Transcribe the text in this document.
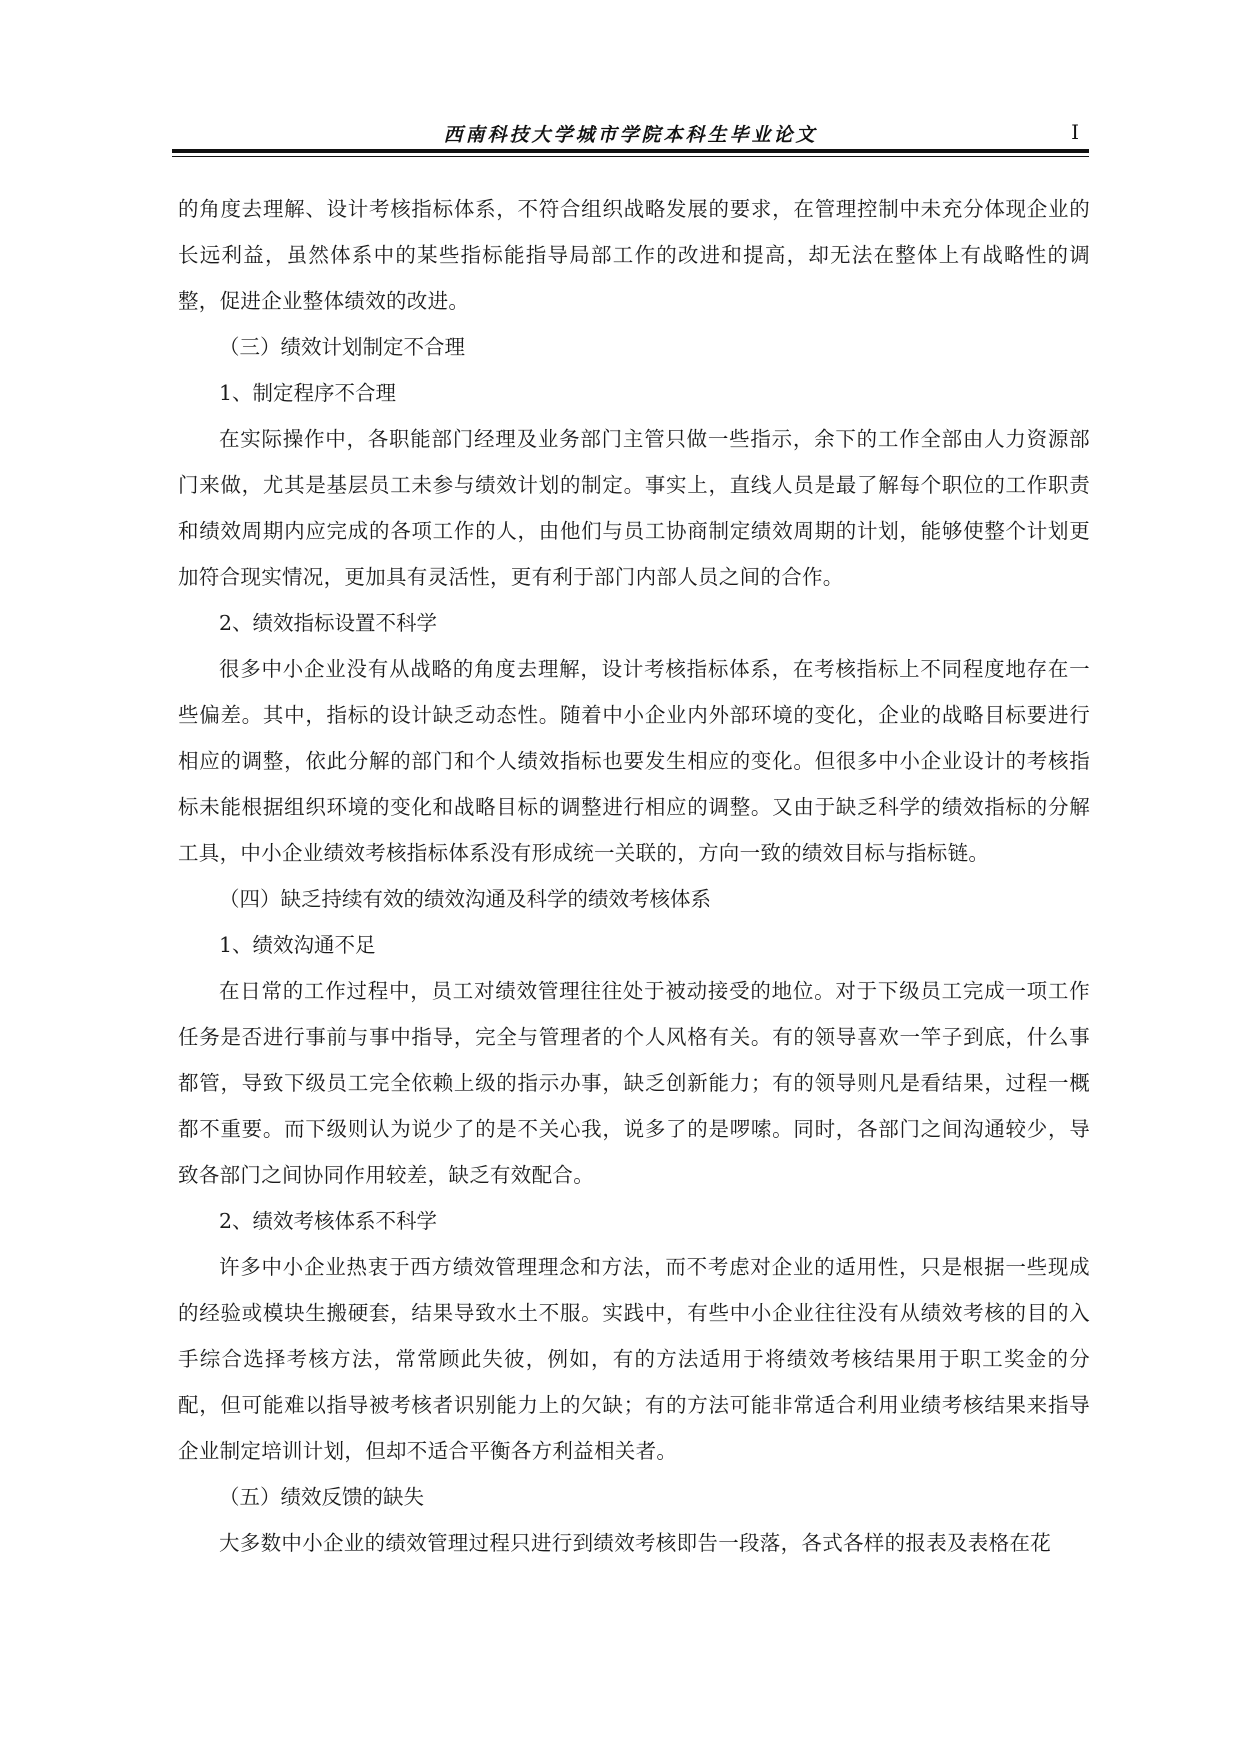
西南科技大学城市学院本科生毕业论文	I

的角度去理解、设计考核指标体系，不符合组织战略发展的要求，在管理控制中未充分体现企业的长远利益，虽然体系中的某些指标能指导局部工作的改进和提高，却无法在整体上有战略性的调整，促进企业整体绩效的改进。

（三）绩效计划制定不合理

1、制定程序不合理

在实际操作中，各职能部门经理及业务部门主管只做一些指示，余下的工作全部由人力资源部门来做，尤其是基层员工未参与绩效计划的制定。事实上，直线人员是最了解每个职位的工作职责和绩效周期内应完成的各项工作的人，由他们与员工协商制定绩效周期的计划，能够使整个计划更加符合现实情况，更加具有灵活性，更有利于部门内部人员之间的合作。

2、绩效指标设置不科学

很多中小企业没有从战略的角度去理解，设计考核指标体系，在考核指标上不同程度地存在一些偏差。其中，指标的设计缺乏动态性。随着中小企业内外部环境的变化，企业的战略目标要进行相应的调整，依此分解的部门和个人绩效指标也要发生相应的变化。但很多中小企业设计的考核指标未能根据组织环境的变化和战略目标的调整进行相应的调整。又由于缺乏科学的绩效指标的分解工具，中小企业绩效考核指标体系没有形成统一关联的，方向一致的绩效目标与指标链。

（四）缺乏持续有效的绩效沟通及科学的绩效考核体系

1、绩效沟通不足

在日常的工作过程中，员工对绩效管理往往处于被动接受的地位。对于下级员工完成一项工作任务是否进行事前与事中指导，完全与管理者的个人风格有关。有的领导喜欢一竿子到底，什么事都管，导致下级员工完全依赖上级的指示办事，缺乏创新能力；有的领导则凡是看结果，过程一概都不重要。而下级则认为说少了的是不关心我，说多了的是啰嗦。同时，各部门之间沟通较少，导致各部门之间协同作用较差，缺乏有效配合。

2、绩效考核体系不科学

许多中小企业热衷于西方绩效管理理念和方法，而不考虑对企业的适用性，只是根据一些现成的经验或模块生搬硬套，结果导致水土不服。实践中，有些中小企业往往没有从绩效考核的目的入手综合选择考核方法，常常顾此失彼，例如，有的方法适用于将绩效考核结果用于职工奖金的分配，但可能难以指导被考核者识别能力上的欠缺；有的方法可能非常适合利用业绩考核结果来指导企业制定培训计划，但却不适合平衡各方利益相关者。

（五）绩效反馈的缺失

大多数中小企业的绩效管理过程只进行到绩效考核即告一段落，各式各样的报表及表格在花
